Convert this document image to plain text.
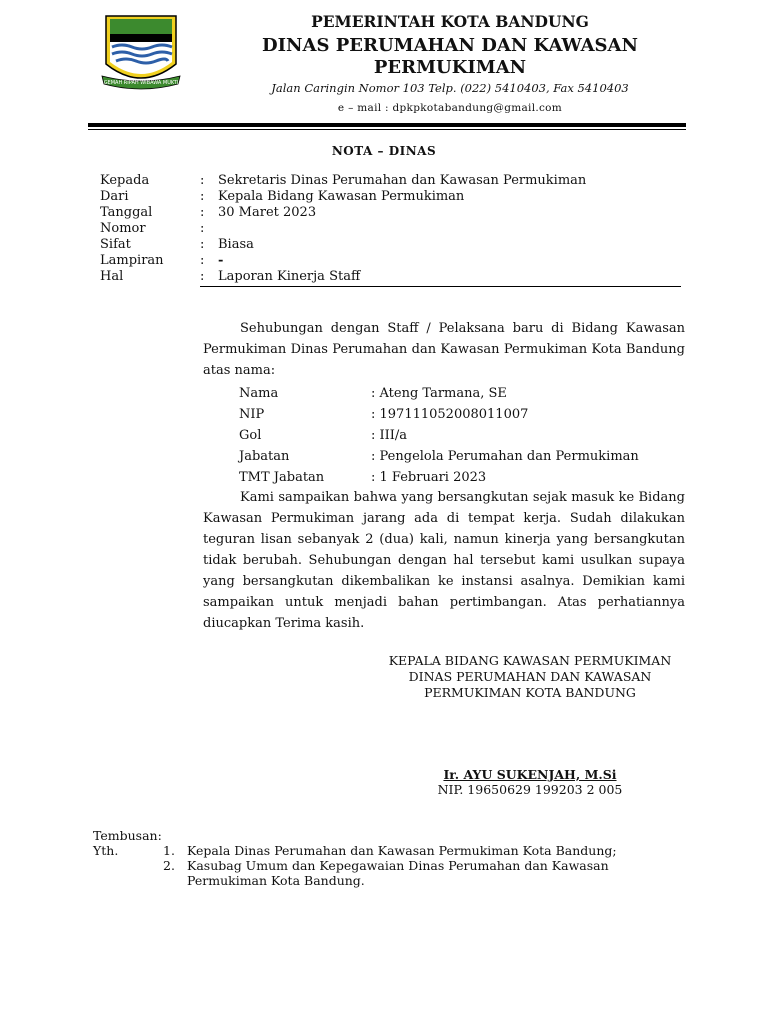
GEMAH RIPAH WIBAWA MUKTI
PEMERINTAH KOTA BANDUNG
DINAS PERUMAHAN DAN KAWASAN
PERMUKIMAN
Jalan Caringin Nomor 103 Telp. (022) 5410403, Fax 5410403
e – mail : dpkpkotabandung@gmail.com
NOTA – DINAS
Kepada	: Sekretaris Dinas Perumahan dan Kawasan Permukiman
Dari	: Kepala Bidang Kawasan Permukiman
Tanggal	: 30 Maret 2023
Nomor	:
Sifat	: Biasa
Lampiran	: -
Hal	: Laporan Kinerja Staff
Sehubungan dengan Staff / Pelaksana baru di Bidang Kawasan Permukiman Dinas Perumahan dan Kawasan Permukiman Kota Bandung atas nama:
Nama	: Ateng Tarmana, SE
NIP	: 197111052008011007
Gol	: III/a
Jabatan	: Pengelola Perumahan dan Permukiman
TMT Jabatan	: 1 Februari 2023
Kami sampaikan bahwa yang bersangkutan sejak masuk ke Bidang Kawasan Permukiman jarang ada di tempat kerja. Sudah dilakukan teguran lisan sebanyak 2 (dua) kali, namun kinerja yang bersangkutan tidak berubah. Sehubungan dengan hal tersebut kami usulkan supaya yang bersangkutan dikembalikan ke instansi asalnya. Demikian kami sampaikan untuk menjadi bahan pertimbangan. Atas perhatiannya diucapkan Terima kasih.
KEPALA BIDANG KAWASAN PERMUKIMAN
DINAS PERUMAHAN DAN KAWASAN
PERMUKIMAN KOTA BANDUNG
Ir. AYU SUKENJAH, M.Si
NIP. 19650629 199203 2 005
Tembusan:
Yth.	1. Kepala Dinas Perumahan dan Kawasan Permukiman Kota Bandung;
2. Kasubag Umum dan Kepegawaian Dinas Perumahan dan Kawasan
Permukiman Kota Bandung.
